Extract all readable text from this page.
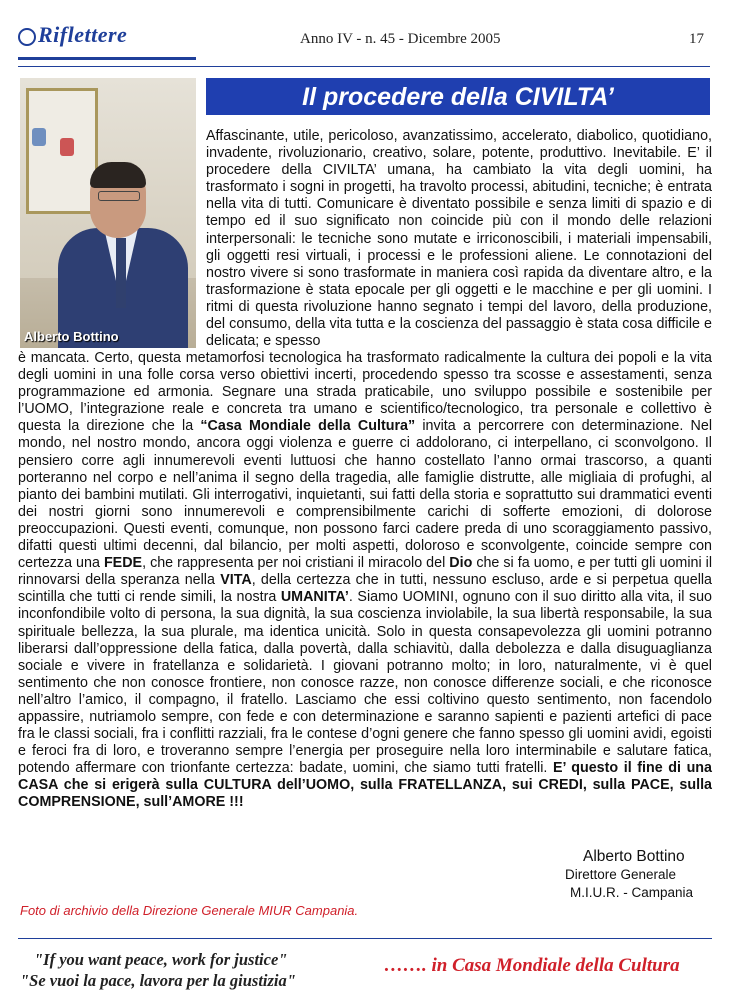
Riflettere	Anno IV - n. 45 - Dicembre 2005	17
Alberto Bottino
Il procedere della CIVILTA’

Affascinante, utile, pericoloso, avanzatissimo, accelerato, diabolico, quotidiano, invadente, rivoluzionario, creativo, solare, potente, produttivo. Inevitabile. E’ il procedere della CIVILTA’ umana, ha cambiato la vita degli uomini, ha trasformato i sogni in progetti, ha travolto processi, abitudini, tecniche; è entrata nella vita di tutti. Comunicare è diventato possibile e senza limiti di spazio e di tempo ed il suo significato non coincide più con il mondo delle relazioni interpersonali: le tecniche sono mutate e irriconoscibili, i materiali impensabili, gli oggetti resi virtuali, i processi e le professioni aliene. Le connotazioni del nostro vivere si sono trasformate in maniera così rapida da diventare altro, e la trasformazione è stata epocale per gli oggetti e le macchine e per gli uomini. I ritmi di questa rivoluzione hanno segnato i tempi del lavoro, della produzione, del consumo, della vita tutta e la coscienza del passaggio è stata cosa difficile e delicata; e spesso

è mancata. Certo, questa metamorfosi tecnologica ha trasformato radicalmente la cultura dei popoli e la vita degli uomini in una folle corsa verso obiettivi incerti, procedendo spesso tra scosse e assestamenti, senza programmazione ed armonia. Segnare una strada praticabile, uno sviluppo possibile e sostenibile per l’UOMO, l’integrazione reale e concreta tra umano e scientifico/tecnologico, tra personale e collettivo è questa la direzione che la “Casa Mondiale della Cultura” invita a percorrere con determinazione. Nel mondo, nel nostro mondo, ancora oggi violenza e guerre ci addolorano, ci interpellano, ci sconvolgono. Il pensiero corre agli innumerevoli eventi luttuosi che hanno costellato l’anno ormai trascorso, a quanti porteranno nel corpo e nell’anima il segno della tragedia, alle famiglie distrutte, alle migliaia di profughi, al pianto dei bambini mutilati. Gli interrogativi, inquietanti, sui fatti della storia e soprattutto sui drammatici eventi dei nostri giorni sono innumerevoli e comprensibilmente carichi di sofferte emozioni, di dolorose preoccupazioni. Questi eventi, comunque, non possono farci cadere preda di uno scoraggiamento passivo, difatti questi ultimi decenni, dal bilancio, per molti aspetti, doloroso e sconvolgente, coincide sempre con certezza una FEDE, che rappresenta per noi cristiani il miracolo del Dio che si fa uomo, e per tutti gli uomini il rinnovarsi della speranza nella VITA, della certezza che in tutti, nessuno escluso, arde e si perpetua quella scintilla che tutti ci rende simili, la nostra UMANITA’. Siamo UOMINI, ognuno con il suo diritto alla vita, il suo inconfondibile volto di persona, la sua dignità, la sua coscienza inviolabile, la sua libertà responsabile, la sua spirituale bellezza, la sua plurale, ma identica unicità. Solo in questa consapevolezza gli uomini potranno liberarsi dall’oppressione della fatica, dalla povertà, dalla schiavitù, dalla debolezza e dalla disuguaglianza sociale e vivere in fratellanza e solidarietà. I giovani potranno molto; in loro, naturalmente, vi è quel sentimento che non conosce frontiere, non conosce razze, non conosce differenze sociali, e che riconosce nell’altro l’amico, il compagno, il fratello. Lasciamo che essi coltivino questo sentimento, non facendolo appassire, nutriamolo sempre, con fede e con determinazione e saranno sapienti e pazienti artefici di pace fra le classi sociali, fra i conflitti razziali, fra le contese d’ogni genere che fanno spesso gli uomini avidi, egoisti e feroci fra di loro, e troveranno sempre l’energia per proseguire nella loro interminabile e salutare fatica, potendo affermare con trionfante certezza: badate, uomini, che siamo tutti fratelli. E’ questo il fine di una CASA che si erigerà sulla CULTURA dell’UOMO, sulla FRATELLANZA, sui CREDI, sulla PACE, sulla COMPRENSIONE, sull’AMORE !!!

Alberto Bottino
Direttore Generale
M.I.U.R. - Campania
Foto di archivio della Direzione Generale MIUR Campania.
"If you want peace, work for justice"
"Se vuoi la pace, lavora per la giustizia"
……. in Casa Mondiale della Cultura
